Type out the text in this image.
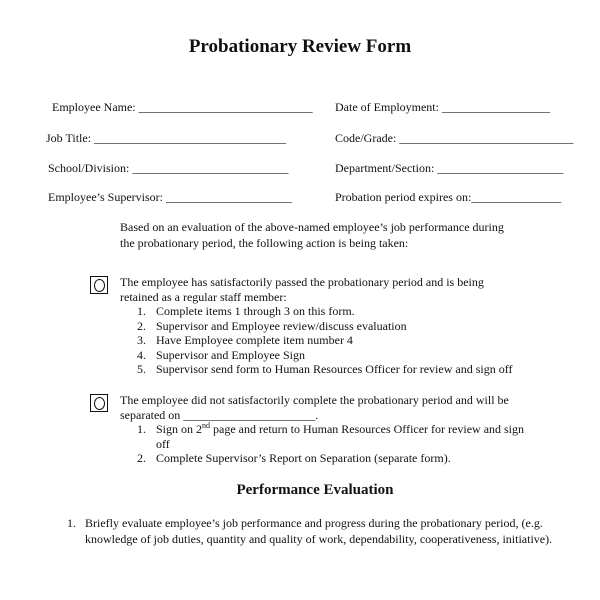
Probationary Review Form
Employee Name: _____________________________ Date of Employment: __________________
Job Title: ________________________________	Code/Grade: _____________________________
School/Division: __________________________	Department/Section: _____________________
Employee’s Supervisor: _____________________	Probation period expires on:_______________
Based on an evaluation of the above-named employee’s job performance during the probationary period, the following action is being taken:
The employee has satisfactorily passed the probationary period and is being retained as a regular staff member:
1. Complete items 1 through 3 on this form.
2. Supervisor and Employee review/discuss evaluation
3. Have Employee complete item number 4
4. Supervisor and Employee Sign
5. Supervisor send form to Human Resources Officer for review and sign off
The employee did not satisfactorily complete the probationary period and will be separated on ______________________.
1. Sign on 2nd page and return to Human Resources Officer for review and sign off
2. Complete Supervisor’s Report on Separation (separate form).
Performance Evaluation
1. Briefly evaluate employee’s job performance and progress during the probationary period, (e.g. knowledge of job duties, quantity and quality of work, dependability, cooperativeness, initiative).
